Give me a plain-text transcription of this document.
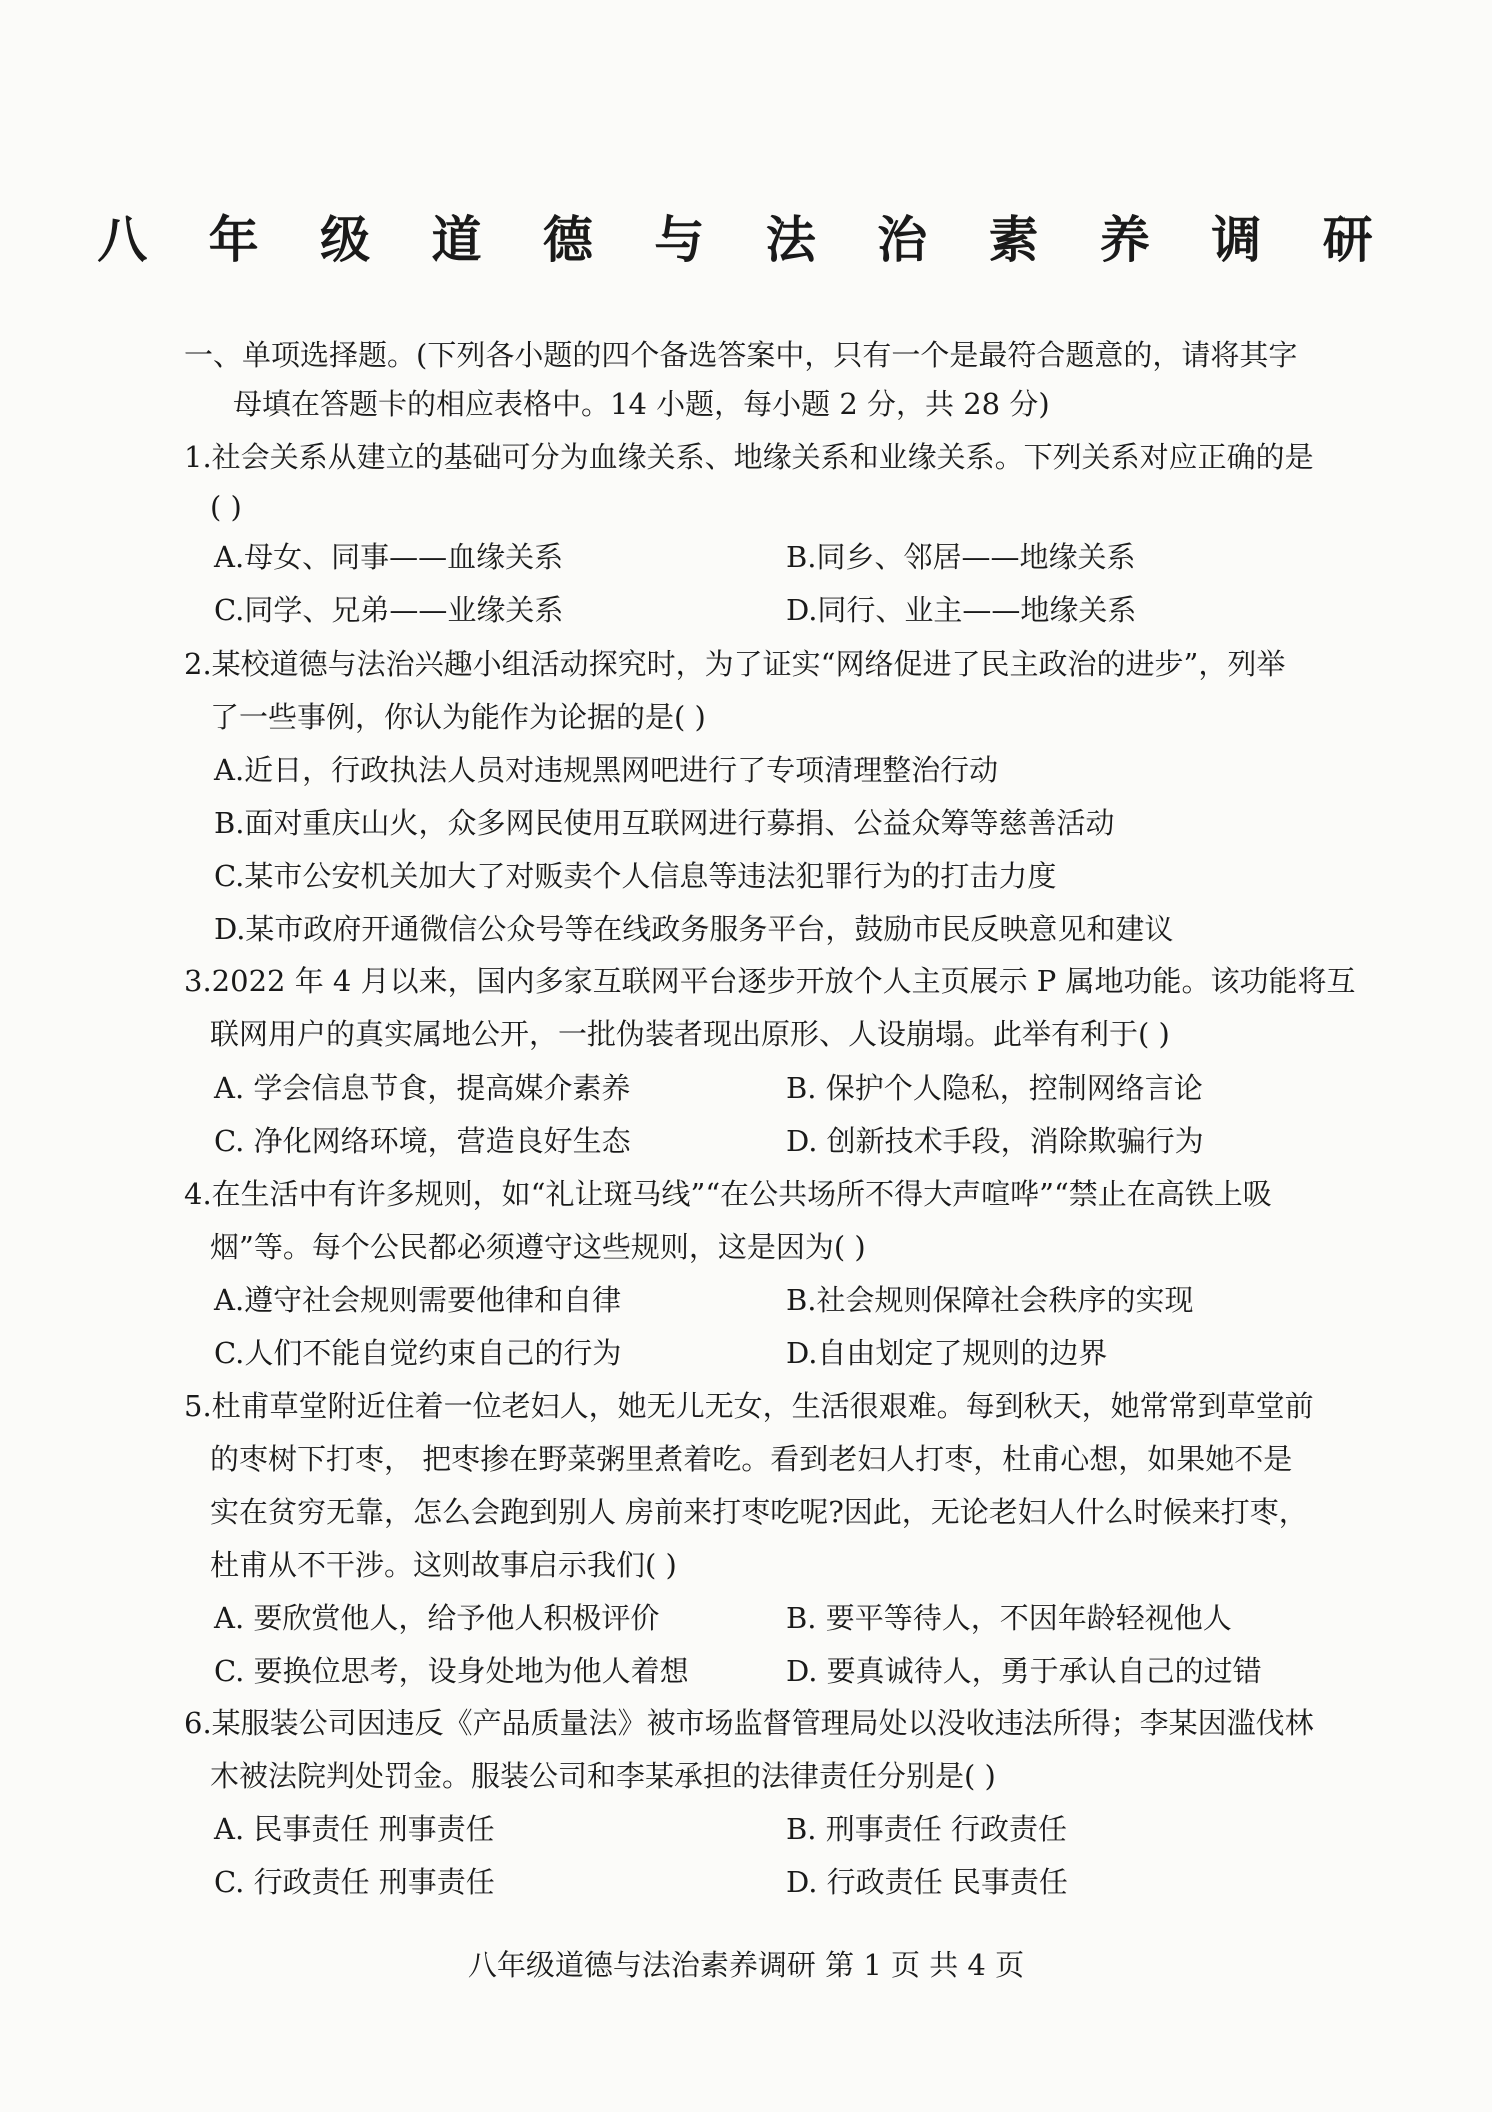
八 年 级 道 德 与 法 治 素 养 调 研
一、单项选择题。(下列各小题的四个备选答案中，只有一个是最符合题意的，请将其字
母填在答题卡的相应表格中。14 小题，每小题 2 分，共 28 分)
1.社会关系从建立的基础可分为血缘关系、地缘关系和业缘关系。下列关系对应正确的是
( )
A.母女、同事——血缘关系	B.同乡、邻居——地缘关系
C.同学、兄弟——业缘关系	D.同行、业主——地缘关系
2.某校道德与法治兴趣小组活动探究时，为了证实“网络促进了民主政治的进步”，列举
了一些事例，你认为能作为论据的是( )
A.近日，行政执法人员对违规黑网吧进行了专项清理整治行动
B.面对重庆山火，众多网民使用互联网进行募捐、公益众筹等慈善活动
C.某市公安机关加大了对贩卖个人信息等违法犯罪行为的打击力度
D.某市政府开通微信公众号等在线政务服务平台，鼓励市民反映意见和建议
3.2022 年 4 月以来，国内多家互联网平台逐步开放个人主页展示 P 属地功能。该功能将互
联网用户的真实属地公开，一批伪装者现出原形、人设崩塌。此举有利于( )
A. 学会信息节食，提高媒介素养	B. 保护个人隐私，控制网络言论
C. 净化网络环境，营造良好生态	D. 创新技术手段，消除欺骗行为
4.在生活中有许多规则，如“礼让斑马线”“在公共场所不得大声喧哗”“禁止在高铁上吸
烟”等。每个公民都必须遵守这些规则，这是因为( )
A.遵守社会规则需要他律和自律	B.社会规则保障社会秩序的实现
C.人们不能自觉约束自己的行为	D.自由划定了规则的边界
5.杜甫草堂附近住着一位老妇人，她无儿无女，生活很艰难。每到秋天，她常常到草堂前
的枣树下打枣， 把枣掺在野菜粥里煮着吃。看到老妇人打枣，杜甫心想，如果她不是
实在贫穷无靠，怎么会跑到别人 房前来打枣吃呢?因此，无论老妇人什么时候来打枣，
杜甫从不干涉。这则故事启示我们( )
A. 要欣赏他人，给予他人积极评价	B. 要平等待人，不因年龄轻视他人
C. 要换位思考，设身处地为他人着想	D. 要真诚待人，勇于承认自己的过错
6.某服装公司因违反《产品质量法》被市场监督管理局处以没收违法所得；李某因滥伐林
木被法院判处罚金。服装公司和李某承担的法律责任分别是( )
A. 民事责任 刑事责任	B. 刑事责任 行政责任
C. 行政责任 刑事责任	D. 行政责任 民事责任
八年级道德与法治素养调研 第 1 页 共 4 页
